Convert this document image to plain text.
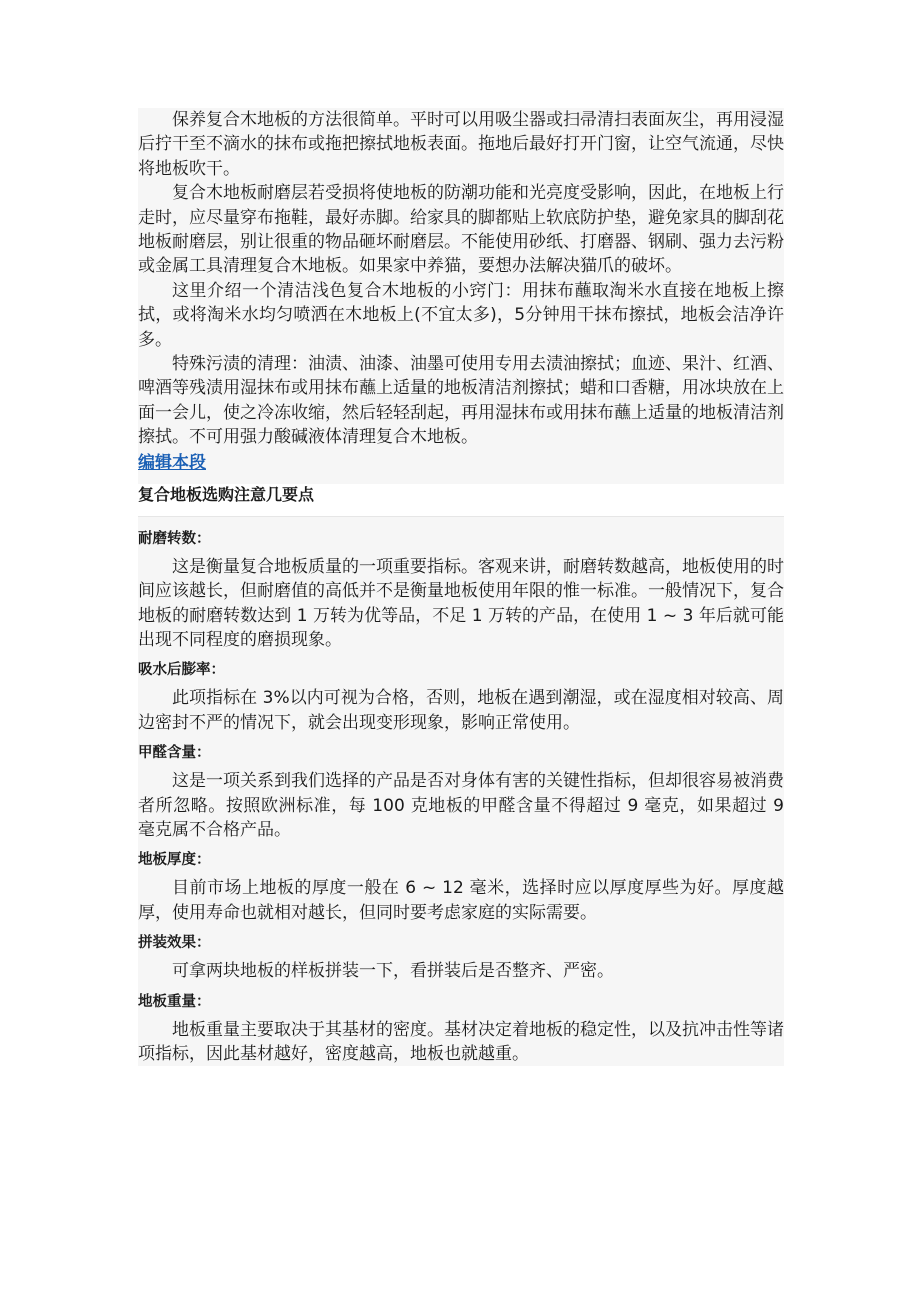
保养复合木地板的方法很简单。平时可以用吸尘器或扫帚清扫表面灰尘，再用浸湿后拧干至不滴水的抹布或拖把擦拭地板表面。拖地后最好打开门窗，让空气流通，尽快将地板吹干。

复合木地板耐磨层若受损将使地板的防潮功能和光亮度受影响，因此，在地板上行走时，应尽量穿布拖鞋，最好赤脚。给家具的脚都贴上软底防护垫，避免家具的脚刮花地板耐磨层，别让很重的物品砸坏耐磨层。不能使用砂纸、打磨器、钢刷、强力去污粉或金属工具清理复合木地板。如果家中养猫，要想办法解决猫爪的破坏。

这里介绍一个清洁浅色复合木地板的小窍门：用抹布蘸取淘米水直接在地板上擦拭，或将淘米水均匀喷洒在木地板上(不宜太多)，5分钟用干抹布擦拭，地板会洁净许多。

特殊污渍的清理：油渍、油漆、油墨可使用专用去渍油擦拭；血迹、果汁、红酒、啤酒等残渍用湿抹布或用抹布蘸上适量的地板清洁剂擦拭；蜡和口香糖，用冰块放在上面一会儿，使之冷冻收缩，然后轻轻刮起，再用湿抹布或用抹布蘸上适量的地板清洁剂擦拭。不可用强力酸碱液体清理复合木地板。

编辑本段
复合地板选购注意几要点
耐磨转数：

这是衡量复合地板质量的一项重要指标。客观来讲，耐磨转数越高，地板使用的时间应该越长，但耐磨值的高低并不是衡量地板使用年限的惟一标准。一般情况下，复合地板的耐磨转数达到 1 万转为优等品，不足 1 万转的产品，在使用 1 ~ 3 年后就可能出现不同程度的磨损现象。

吸水后膨率：

此项指标在 3%以内可视为合格，否则，地板在遇到潮湿，或在湿度相对较高、周边密封不严的情况下，就会出现变形现象，影响正常使用。

甲醛含量：

这是一项关系到我们选择的产品是否对身体有害的关键性指标，但却很容易被消费者所忽略。按照欧洲标准，每 100 克地板的甲醛含量不得超过 9 毫克，如果超过 9 毫克属不合格产品。

地板厚度：

目前市场上地板的厚度一般在 6 ~ 12 毫米，选择时应以厚度厚些为好。厚度越厚，使用寿命也就相对越长，但同时要考虑家庭的实际需要。

拼装效果：

可拿两块地板的样板拼装一下，看拼装后是否整齐、严密。

地板重量：

地板重量主要取决于其基材的密度。基材决定着地板的稳定性，以及抗冲击性等诸项指标，因此基材越好，密度越高，地板也就越重。
